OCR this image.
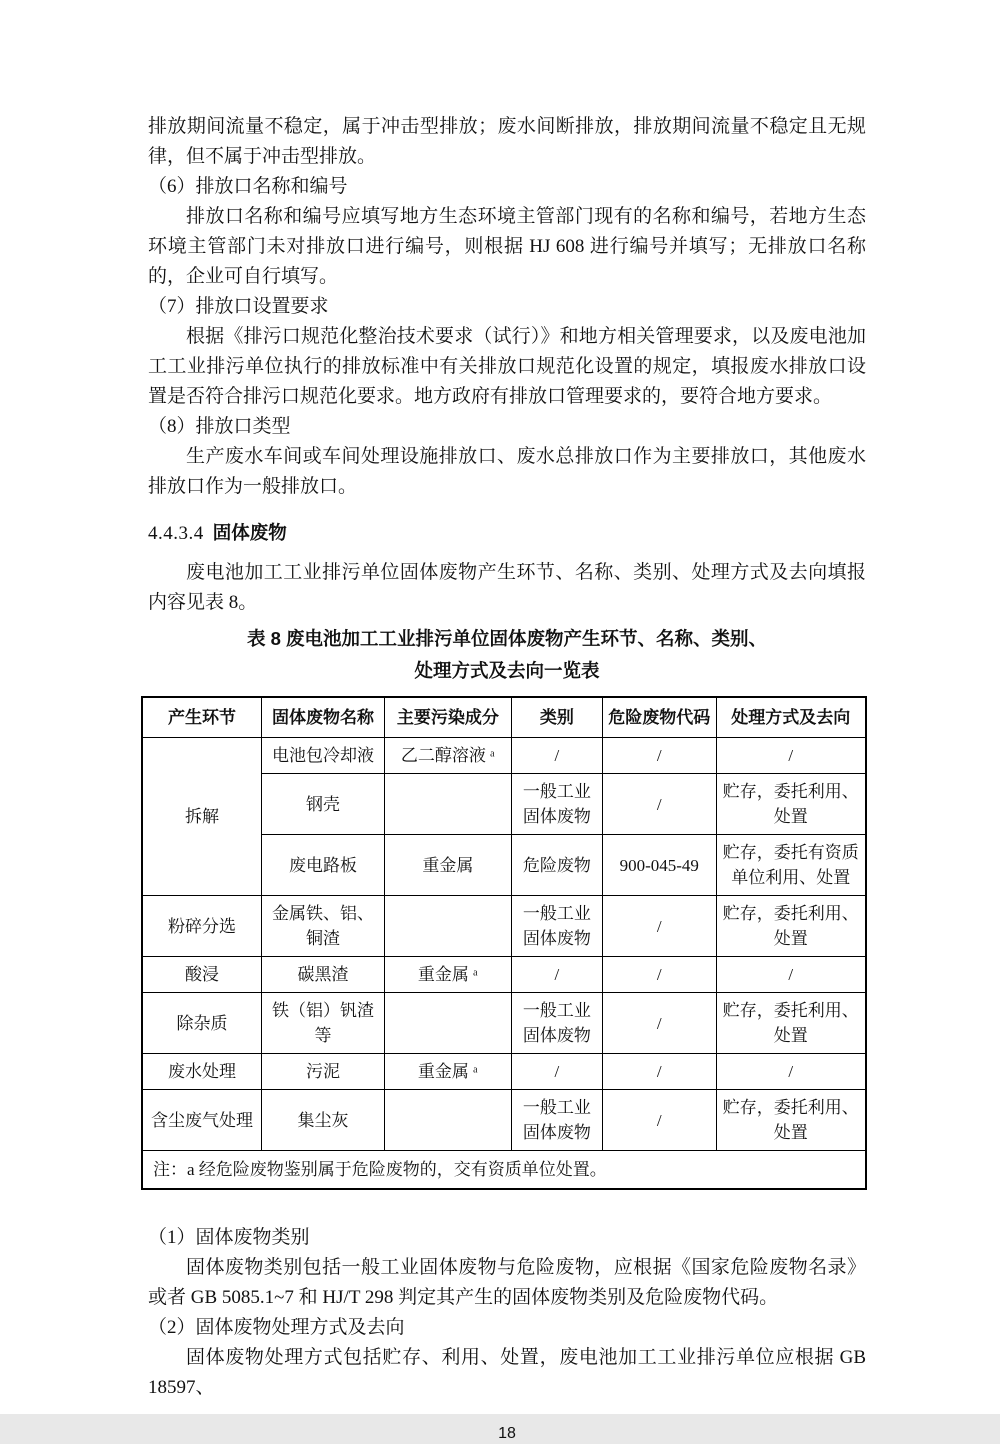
排放期间流量不稳定，属于冲击型排放；废水间断排放，排放期间流量不稳定且无规律，但不属于冲击型排放。

（6）排放口名称和编号

排放口名称和编号应填写地方生态环境主管部门现有的名称和编号，若地方生态环境主管部门未对排放口进行编号，则根据 HJ 608 进行编号并填写；无排放口名称的，企业可自行填写。

（7）排放口设置要求

根据《排污口规范化整治技术要求（试行）》和地方相关管理要求，以及废电池加工工业排污单位执行的排放标准中有关排放口规范化设置的规定，填报废水排放口设置是否符合排污口规范化要求。地方政府有排放口管理要求的，要符合地方要求。

（8）排放口类型

生产废水车间或车间处理设施排放口、废水总排放口作为主要排放口，其他废水排放口作为一般排放口。

4.4.3.4 固体废物

废电池加工工业排污单位固体废物产生环节、名称、类别、处理方式及去向填报内容见表 8。

表 8 废电池加工工业排污单位固体废物产生环节、名称、类别、
处理方式及去向一览表
产生环节	固体废物名称	主要污染成分	类别	危险废物代码	处理方式及去向
拆解	电池包冷却液	乙二醇溶液 ᵃ	/	/	/
	钢壳		一般工业固体废物	/	贮存，委托利用、处置
	废电路板	重金属	危险废物	900-045-49	贮存，委托有资质单位利用、处置
粉碎分选	金属铁、铝、铜渣		一般工业固体废物	/	贮存，委托利用、处置
酸浸	碳黑渣	重金属 ᵃ	/	/	/
除杂质	铁（铝）钒渣等		一般工业固体废物	/	贮存，委托利用、处置
废水处理	污泥	重金属 ᵃ	/	/	/
含尘废气处理	集尘灰		一般工业固体废物	/	贮存，委托利用、处置
注：a 经危险废物鉴别属于危险废物的，交有资质单位处置。					
（1）固体废物类别

固体废物类别包括一般工业固体废物与危险废物，应根据《国家危险废物名录》或者 GB 5085.1~7 和 HJ/T 298 判定其产生的固体废物类别及危险废物代码。

（2）固体废物处理方式及去向

固体废物处理方式包括贮存、利用、处置，废电池加工工业排污单位应根据 GB 18597、

18
